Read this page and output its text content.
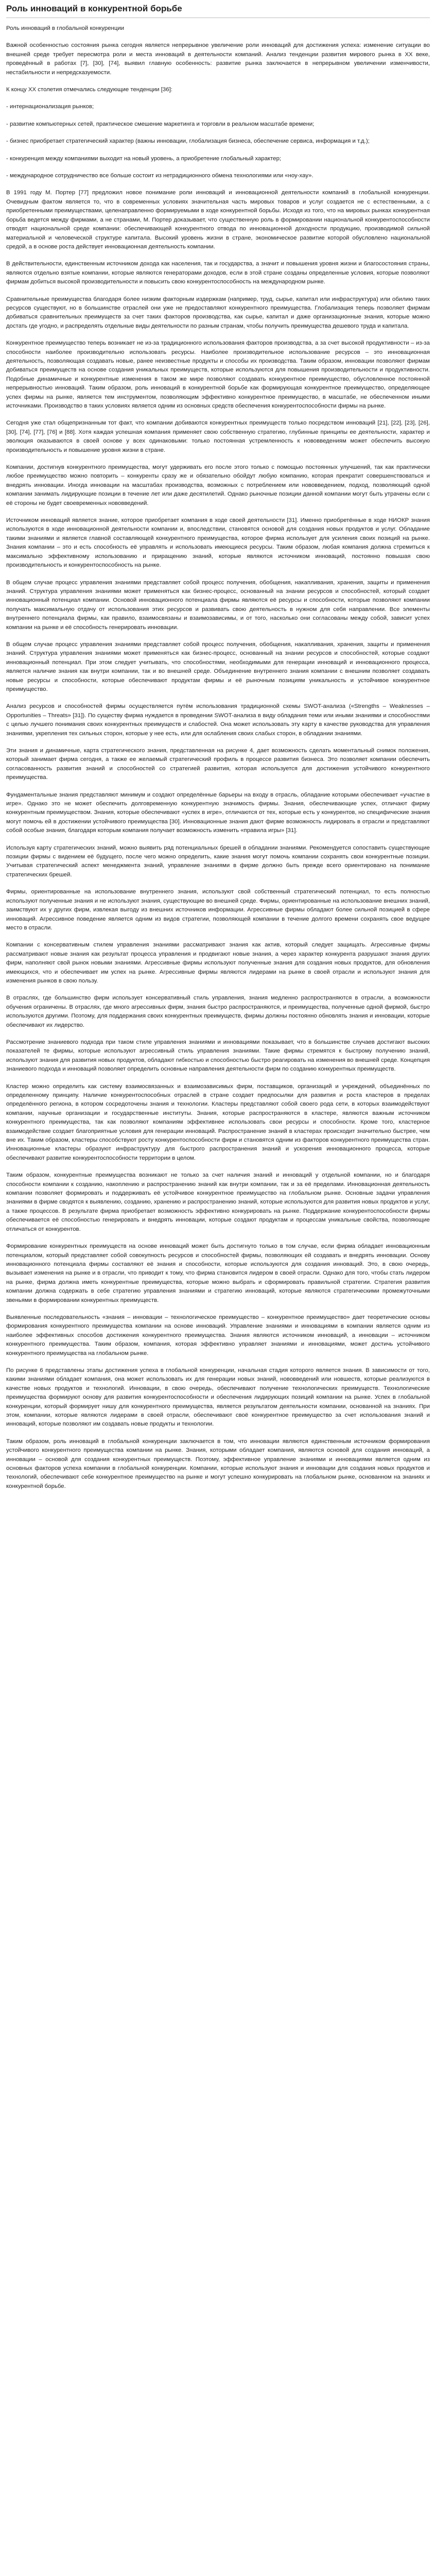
Роль инноваций в конкурентной борьбе

Роль инноваций в глобальной конкуренции

Важной особенностью состояния рынка сегодня является непрерывное увеличение роли инноваций для достижения успеха: изменение ситуации во внешней среде требует пересмотра роли и места инноваций в деятельности компаний. Анализ тенденции развития мирового рынка в XX веке, проведённый в работах [7], [30], [74], выявил главную особенность: развитие рынка заключается в непрерывном увеличении изменчивости, нестабильности и непредсказуемости.

К концу XX столетия отмечались следующие тенденции [36]:

- интернационализация рынков;

- развитие компьютерных сетей, практическое смешение маркетинга и торговли в реальном масштабе времени;

- бизнес приобретает стратегический характер (важны инновации, глобализация бизнеса, обеспечение сервиса, информация и т.д.);

- конкуренция между компаниями выходит на новый уровень, а приобретение глобальный характер;

- международное сотрудничество все больше состоит из нетрадиционного обмена технологиями или «ноу-хау».

В 1991 году М. Портер [77] предложил новое понимание роли инноваций и инновационной деятельности компаний в глобальной конкуренции. Очевидным фактом является то, что в современных условиях значительная часть мировых товаров и услуг создается не с естественными, а с приобретенными преимуществами, целенаправленно формируемыми в ходе конкурентной борьбы. Исходя из того, что на мировых рынках конкурентная борьба ведется между фирмами, а не странами, М. Портер доказывает, что существенную роль в формировании национальной конкурентоспособности отводят национальной среде компании: обеспечивающей конкурентного отвода по инновационной доходности продукцию, производимой сильной материальной и человеческой структуре капитала. Высокий уровень жизни в стране, экономическое развитие которой обусловлено национальной средой, а в основе роста действует инновационная деятельность компании.

В действительности, единственным источником дохода как населения, так и государства, а значит и повышения уровня жизни и благосостояния страны, являются отдельно взятые компании, которые являются генераторами доходов, если в этой стране созданы определенные условия, которые позволяют фирмам добиться высокой производительности и повысить свою конкурентоспособность на международном рынке.

Сравнительные преимущества благодаря более низким факторным издержкам (например, труд, сырье, капитал или инфраструктура) или обилию таких ресурсов существуют, но в большинстве отраслей они уже не предоставляют конкурентного преимущества. Глобализация теперь позволяет фирмам добиваться сравнительных преимуществ за счет таких факторов производства, как сырье, капитал и даже организационные знания, которые можно достать где угодно, и распределять отдельные виды деятельности по разным странам, чтобы получить преимущества дешевого труда и капитала.

Конкурентное преимущество теперь возникает не из-за традиционного использования факторов производства, а за счет высокой продуктивности – из-за способности наиболее производительно использовать ресурсы. Наиболее производительное использование ресурсов – это инновационная деятельность, позволяющая создавать новые, ранее неизвестные продукты и способы их производства. Таким образом, инновации позволяют фирмам добиваться преимуществ на основе создания уникальных преимуществ, которые используются для повышения производительности и продуктивности. Подобные динамичные и конкурентные изменения в таком же мире позволяют создавать конкурентное преимущество, обусловленное постоянной непрерывностью инноваций. Таким образом, роль инноваций в конкурентной борьбе как формирующая конкурентное преимущество, определяющее успех фирмы на рынке, является тем инструментом, позволяющим эффективно конкурентное преимущество, в масштабе, не обеспеченном иными источниками. Производство в таких условиях является одним из основных средств обеспечения конкурентоспособности фирмы на рынке.

Сегодня уже стал общепризнанным тот факт, что компании добиваются конкурентных преимуществ только посредством инноваций [21], [22], [23], [26], [30], [74], [77], [76] и [88]. Хотя каждая успешная компания применяет свою собственную стратегию, глубинные принципы ее деятельности, характер и эволюция оказываются в своей основе у всех одинаковыми: только постоянная устремленность к нововведениям может обеспечить высокую производительность и повышение уровня жизни в стране.

Компании, достигнув конкурентного преимущества, могут удерживать его после этого только с помощью постоянных улучшений, так как практически любое преимущество можно повторить – конкуренты сразу же и обязательно обойдут любую компанию, которая прекратит совершенствоваться и внедрять инновации. Иногда инновации на масштабах производства, возможных с потреблением или нововведением, подход, позволяющий одной компании занимать лидирующие позиции в течение лет или даже десятилетий. Однако рыночные позиции данной компании могут быть утрачены если с её стороны не будет своевременных нововведений.

Источником инноваций является знание, которое приобретает компания в ходе своей деятельности [31]. Именно приобретённые в ходе НИОКР знания используются в ходе инновационной деятельности компании и, впоследствии, становятся основой для создания новых продуктов и услуг. Обладание такими знаниями и является главной составляющей конкурентного преимущества, которое фирма использует для усиления своих позиций на рынке. Знания компании – это и есть способность её управлять и использовать имеющиеся ресурсы. Таким образом, любая компания должна стремиться к максимально эффективному использованию и приращению знаний, которые являются источником инноваций, постоянно повышая свою производительность и конкурентоспособность на рынке.

В общем случае процесс управления знаниями представляет собой процесс получения, обобщения, накапливания, хранения, защиты и применения знаний. Структура управления знаниями может применяться как бизнес-процесс, основанный на знании ресурсов и способностей, который создает инновационный потенциал компании. Основой инновационного потенциала фирмы являются её ресурсы и способности, которые позволяют компании получать максимальную отдачу от использования этих ресурсов и развивать свою деятельность в нужном для себя направлении. Все элементы внутреннего потенциала фирмы, как правило, взаимосвязаны и взаимозависимы, и от того, насколько они согласованы между собой, зависит успех компании на рынке и её способность генерировать инновации.

В общем случае процесс управления знаниями представляет собой процесс получения, обобщения, накапливания, хранения, защиты и применения знаний. Структура управления знаниями может применяться как бизнес-процесс, основанный на знании ресурсов и способностей, которые создают инновационный потенциал. При этом следует учитывать, что способностями, необходимыми для генерации инноваций и инновационного процесса, является наличие знания как внутри компании, так и во внешней среде. Объединение внутреннего знания компании с внешним позволяет создавать новые ресурсы и способности, которые обеспечивают продуктам фирмы и её рыночным позициям уникальность и устойчивое конкурентное преимущество.

Анализ ресурсов и способностей фирмы осуществляется путём использования традиционной схемы SWOT-анализа («Strengths – Weaknesses – Opportunities – Threats» [31]). По существу фирма нуждается в проведении SWOT-анализа в виду обладания теми или иными знаниями и способностями с целью лучшего понимания своих конкурентных преимуществ и слабостей. Она может использовать эту карту в качестве руководства для управления знаниями, укрепления тех сильных сторон, которые у нее есть, или для ослабления своих слабых сторон, в обладании знаниями.

Эти знания и динамичные, карта стратегического знания, представленная на рисунке 4, дает возможность сделать моментальный снимок положения, который занимает фирма сегодня, а также ее желаемый стратегический профиль в процессе развития бизнеса. Это позволяет компании обеспечить согласованность развития знаний и способностей со стратегией развития, которая используется для достижения устойчивого конкурентного преимущества.

Фундаментальные знания представляют минимум и создают определённые барьеры на входу в отрасль, обладание которыми обеспечивает «участие в игре». Однако это не может обеспечить долговременную конкурентную значимость фирмы. Знания, обеспечивающие успех, отличают фирму конкурентным преимуществом. Знания, которые обеспечивают «успех в игре», отличаются от тех, которые есть у конкурентов, но специфические знания могут помочь ей в достижении устойчивого преимущества [30]. Инновационные знания дают фирме возможность лидировать в отрасли и представляют собой особые знания, благодаря которым компания получает возможность изменить «правила игры» [31].

Используя карту стратегических знаний, можно выявить ряд потенциальных брешей в обладании знаниями. Рекомендуется сопоставить существующие позиции фирмы с видением её будущего, после чего можно определить, какие знания могут помочь компании сохранять свои конкурентные позиции. Учитывая стратегический аспект менеджмента знаний, управление знаниями в фирме должно быть прежде всего ориентировано на понимание стратегических брешей.

Фирмы, ориентированные на использование внутреннего знания, используют свой собственный стратегический потенциал, то есть полностью используют полученные знания и не используют знания, существующие во внешней среде. Фирмы, ориентированные на использование внешних знаний, заимствуют их у других фирм, извлекая выгоду из внешних источников информации. Агрессивные фирмы обладают более сильной позицией в сфере инноваций. Агрессивное поведение является одним из видов стратегии, позволяющей компании в течение долгого времени сохранять свое ведущее место в отрасли.

Компании с консервативным стилем управления знаниями рассматривают знания как актив, который следует защищать. Агрессивные фирмы рассматривают новые знания как результат процесса управления и продвигают новые знания, а через характер конкурента разрушают знания других фирм, наполняют свой рынок новыми знаниями. Агрессивные фирмы используют полученные знания для создания новых продуктов, для обновления имеющихся, что и обеспечивает им успех на рынке. Агрессивные фирмы являются лидерами на рынке в своей отрасли и используют знания для изменения рынков в свою пользу.

В отраслях, где большинство фирм использует консервативный стиль управления, знания медленно распространяются в отрасли, а возможности обучения ограничены. В отраслях, где много агрессивных фирм, знания быстро распространяются, и преимущества, полученные одной фирмой, быстро используются другими. Поэтому, для поддержания своих конкурентных преимуществ, фирмы должны постоянно обновлять знания и инновации, которые обеспечивают их лидерство.

Рассмотрение знаниевого подхода при таком стиле управления знаниями и инновациями показывает, что в большинстве случаев достигают высоких показателей те фирмы, которые используют агрессивный стиль управления знаниями. Такие фирмы стремятся к быстрому получению знаний, используют знания для развития новых продуктов, обладают гибкостью и способностью быстро реагировать на изменения во внешней среде. Концепция знаниевого подхода и инноваций позволяет определить основные направления деятельности фирм по созданию конкурентных преимуществ.

Кластер можно определить как систему взаимосвязанных и взаимозависимых фирм, поставщиков, организаций и учреждений, объединённых по определенному принципу. Наличие конкурентоспособных отраслей в стране создает предпосылки для развития и роста кластеров в пределах определённого региона, в котором сосредоточены знания и технологии. Кластеры представляют собой своего рода сети, в которых взаимодействуют компании, научные организации и государственные институты. Знания, которые распространяются в кластере, являются важным источником конкурентного преимущества, так как позволяют компаниям эффективнее использовать свои ресурсы и способности. Кроме того, кластерное взаимодействие создает благоприятные условия для генерации инноваций. Распространение знаний в кластерах происходит значительно быстрее, чем вне их. Таким образом, кластеры способствуют росту конкурентоспособности фирм и становятся одним из факторов конкурентного преимущества стран. Инновационные кластеры образуют инфраструктуру для быстрого распространения знаний и ускорения инновационного процесса, которые обеспечивают развитие конкурентоспособности территории в целом.

Таким образом, конкурентные преимущества возникают не только за счет наличия знаний и инноваций у отдельной компании, но и благодаря способности компании к созданию, накоплению и распространению знаний как внутри компании, так и за её пределами. Инновационная деятельность компании позволяет формировать и поддерживать её устойчивое конкурентное преимущество на глобальном рынке. Основные задачи управления знаниями в фирме сводятся к выявлению, созданию, хранению и распространению знаний, которые используются для развития новых продуктов и услуг, а также процессов. В результате фирма приобретает возможность эффективно конкурировать на рынке. Поддержание конкурентоспособности фирмы обеспечивается её способностью генерировать и внедрять инновации, которые создают продуктам и процессам уникальные свойства, позволяющие отличаться от конкурентов.

Формирование конкурентных преимуществ на основе инноваций может быть достигнуто только в том случае, если фирма обладает инновационным потенциалом, который представляет собой совокупность ресурсов и способностей фирмы, позволяющих ей создавать и внедрять инновации. Основу инновационного потенциала фирмы составляют её знания и способности, которые используются для создания инноваций. Это, в свою очередь, вызывает изменения на рынке и в отрасли, что приводит к тому, что фирма становится лидером в своей отрасли. Однако для того, чтобы стать лидером на рынке, фирма должна иметь конкурентные преимущества, которые можно выбрать и сформировать правильной стратегии. Стратегия развития компании должна содержать в себе стратегию управления знаниями и стратегию инноваций, которые являются стратегическими промежуточными звеньями в формировании конкурентных преимуществ.

Выявленные последовательность «знания – инновации – технологическое преимущество – конкурентное преимущество» дает теоретические основы формирования конкурентного преимущества компании на основе инноваций. Управление знаниями и инновациями в компании является одним из наиболее эффективных способов достижения конкурентного преимущества. Знания являются источником инноваций, а инновации – источником конкурентного преимущества. Таким образом, компания, которая эффективно управляет знаниями и инновациями, может достичь устойчивого конкурентного преимущества на глобальном рынке.

По рисунке 6 представлены этапы достижения успеха в глобальной конкуренции, начальная стадия которого является знания. В зависимости от того, какими знаниями обладает компания, она может использовать их для генерации новых знаний, нововведений или новшеств, которые реализуются в качестве новых продуктов и технологий. Инновации, в свою очередь, обеспечивают получение технологических преимуществ. Технологические преимущества формируют основу для развития конкурентоспособности и обеспечения лидирующих позиций компании на рынке. Успех в глобальной конкуренции, который формирует нишу для конкурентного преимущества, является результатом деятельности компании, основанной на знаниях. При этом, компании, которые являются лидерами в своей отрасли, обеспечивают своё конкурентное преимущество за счет использования знаний и инноваций, которые позволяют им создавать новые продукты и технологии.

Таким образом, роль инноваций в глобальной конкуренции заключается в том, что инновации являются единственным источником формирования устойчивого конкурентного преимущества компании на рынке. Знания, которыми обладает компания, являются основой для создания инноваций, а инновации – основой для создания конкурентных преимуществ. Поэтому, эффективное управление знаниями и инновациями является одним из основных факторов успеха компании в глобальной конкуренции. Компании, которые используют знания и инновации для создания новых продуктов и технологий, обеспечивают себе конкурентное преимущество на рынке и могут успешно конкурировать на глобальном рынке, основанном на знаниях и конкурентной борьбе.
